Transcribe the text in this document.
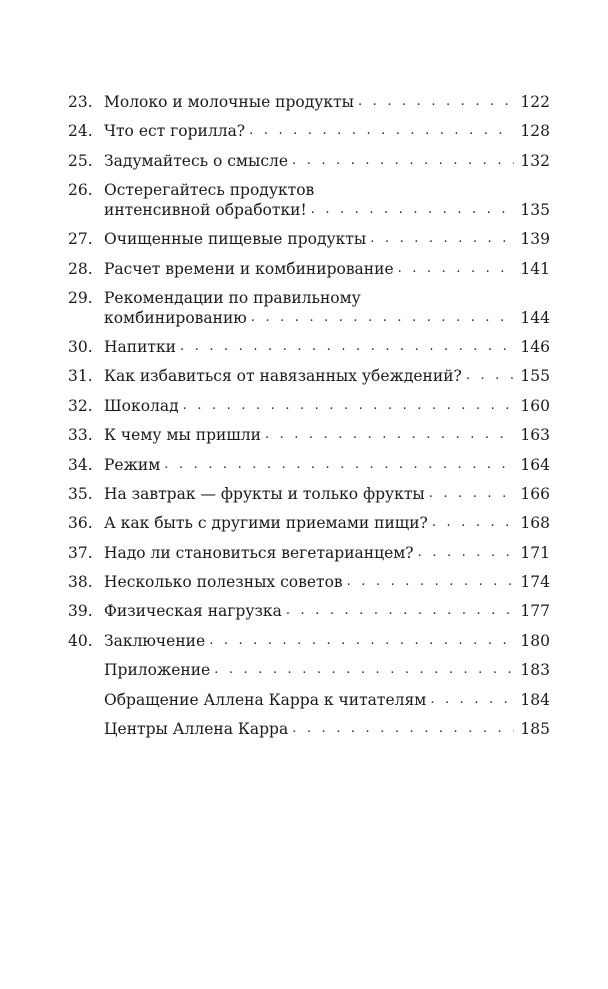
23. Молоко и молочные продукты . . .	122
24. Что ест горилла? . . .	128
25. Задумайтесь о смысле . . .	132
26. Остерегайтесь продуктов
интенсивной обработки! . . .	135
27. Очищенные пищевые продукты . . .	139
28. Расчет времени и комбинирование . . .	141
29. Рекомендации по правильному
комбинированию . . .	144
30. Напитки . . .	146
31. Как избавиться от навязанных убеждений? . . .	155
32. Шоколад . . .	160
33. К чему мы пришли . . .	163
34. Режим . . .	164
35. На завтрак — фрукты и только фрукты . . .	166
36. А как быть с другими приемами пищи? . . .	168
37. Надо ли становиться вегетарианцем? . . .	171
38. Несколько полезных советов . . .	174
39. Физическая нагрузка . . .	177
40. Заключение . . .	180
Приложение . . .	183
Обращение Аллена Карра к читателям . . .	184
Центры Аллена Карра . . .	185
